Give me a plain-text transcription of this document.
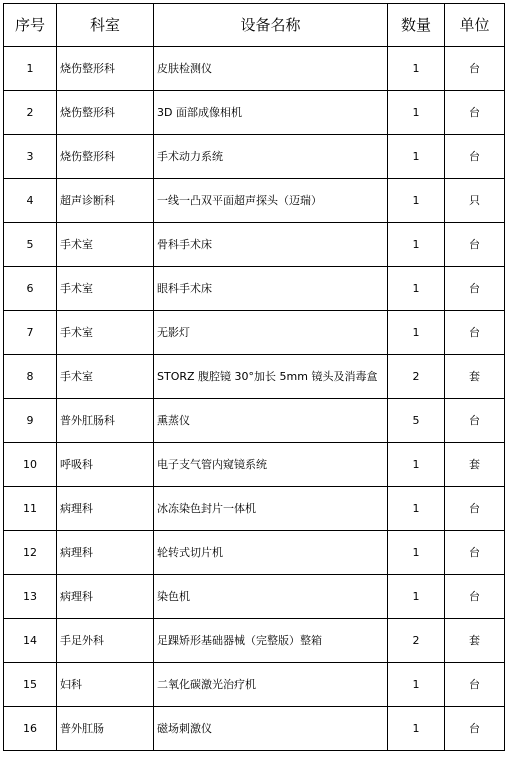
序号	科室	设备名称	数量	单位
1	烧伤整形科	皮肤检测仪	1	台
2	烧伤整形科	3D 面部成像相机	1	台
3	烧伤整形科	手术动力系统	1	台
4	超声诊断科	一线一凸双平面超声探头（迈瑞）	1	只
5	手术室	骨科手术床	1	台
6	手术室	眼科手术床	1	台
7	手术室	无影灯	1	台
8	手术室	STORZ 腹腔镜 30°加长 5mm 镜头及消毒盒	2	套
9	普外肛肠科	熏蒸仪	5	台
10	呼吸科	电子支气管内窥镜系统	1	套
11	病理科	冰冻染色封片一体机	1	台
12	病理科	轮转式切片机	1	台
13	病理科	染色机	1	台
14	手足外科	足踝矫形基础器械（完整版）整箱	2	套
15	妇科	二氧化碳激光治疗机	1	台
16	普外肛肠	磁场刺激仪	1	台
